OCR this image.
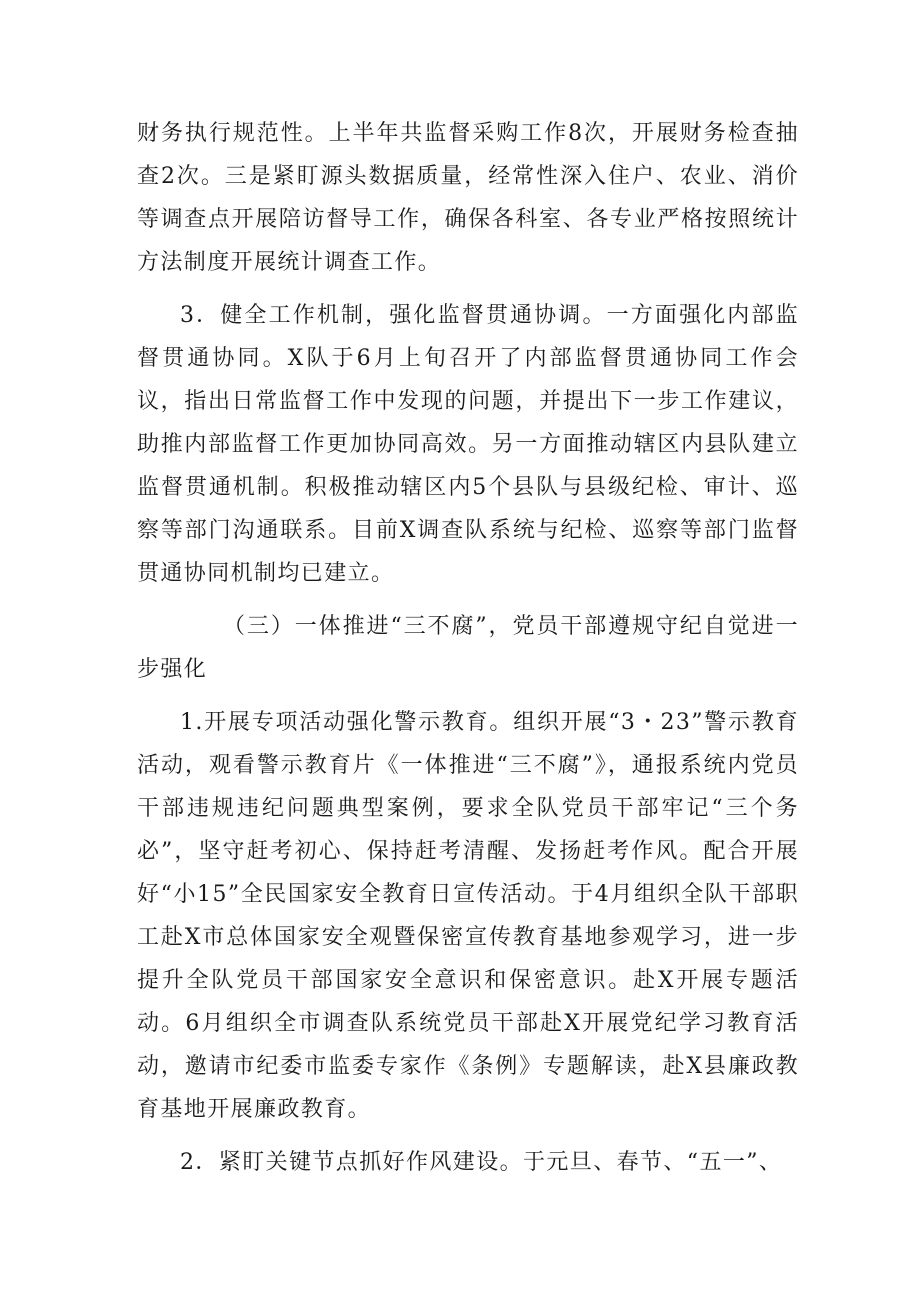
财务执行规范性。上半年共监督采购工作8次，开展财务检查抽查2次。三是紧盯源头数据质量，经常性深入住户、农业、消价等调查点开展陪访督导工作，确保各科室、各专业严格按照统计方法制度开展统计调查工作。

3．健全工作机制，强化监督贯通协调。一方面强化内部监督贯通协同。X队于6月上旬召开了内部监督贯通协同工作会议，指出日常监督工作中发现的问题，并提出下一步工作建议，助推内部监督工作更加协同高效。另一方面推动辖区内县队建立监督贯通机制。积极推动辖区内5个县队与县级纪检、审计、巡察等部门沟通联系。目前X调查队系统与纪检、巡察等部门监督贯通协同机制均已建立。

（三）一体推进“三不腐”，党员干部遵规守纪自觉进一步强化

1.开展专项活动强化警示教育。组织开展“3・23”警示教育活动，观看警示教育片《一体推进“三不腐”》，通报系统内党员干部违规违纪问题典型案例，要求全队党员干部牢记“三个务必”，坚守赶考初心、保持赶考清醒、发扬赶考作风。配合开展好“小15”全民国家安全教育日宣传活动。于4月组织全队干部职工赴X市总体国家安全观暨保密宣传教育基地参观学习，进一步提升全队党员干部国家安全意识和保密意识。赴X开展专题活动。6月组织全市调查队系统党员干部赴X开展党纪学习教育活动，邀请市纪委市监委专家作《条例》专题解读，赴X县廉政教育基地开展廉政教育。

2．紧盯关键节点抓好作风建设。于元旦、春节、“五一”、
